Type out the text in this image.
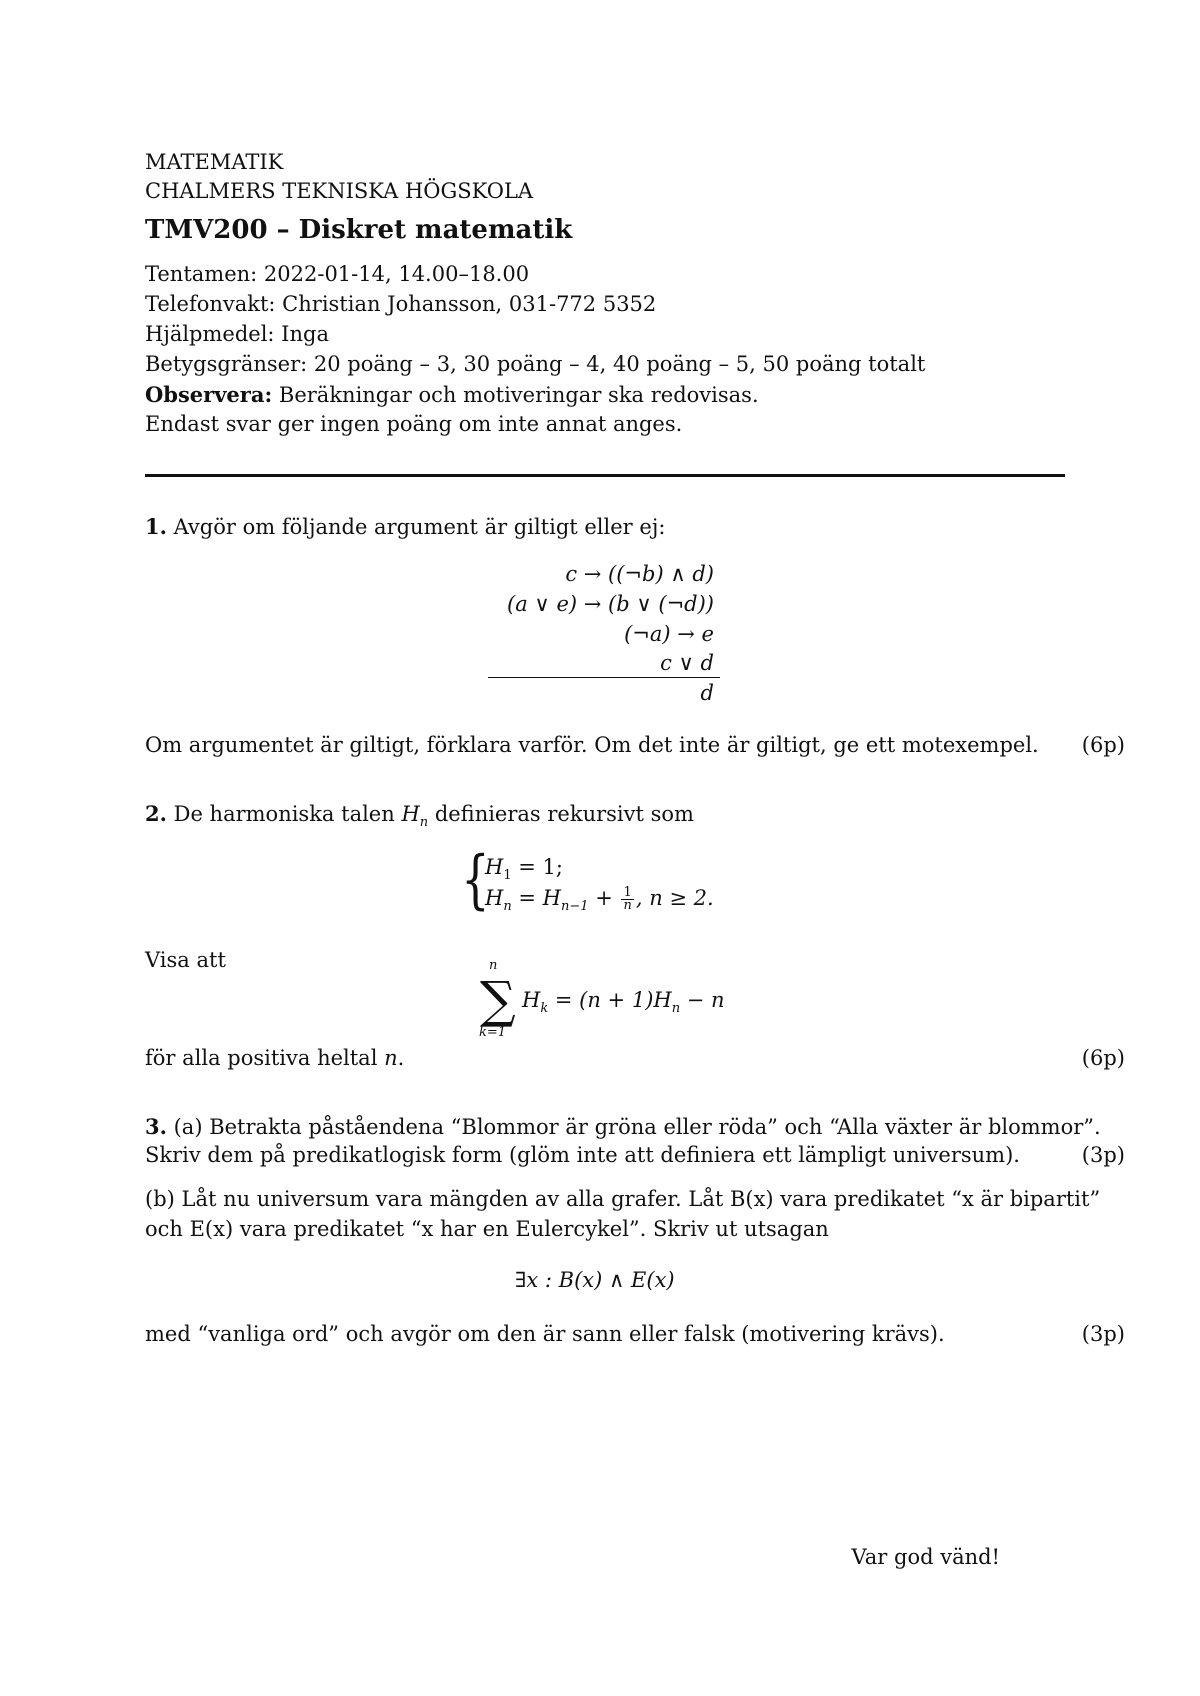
MATEMATIK
CHALMERS TEKNISKA HÖGSKOLA
TMV200 – Diskret matematik
Tentamen: 2022-01-14, 14.00–18.00
Telefonvakt: Christian Johansson, 031-772 5352
Hjälpmedel: Inga
Betygsgränser: 20 poäng – 3, 30 poäng – 4, 40 poäng – 5, 50 poäng totalt
Observera: Beräkningar och motiveringar ska redovisas.
Endast svar ger ingen poäng om inte annat anges.
1. Avgör om följande argument är giltigt eller ej:
c → ((¬b) ∧ d)
(a ∨ e) → (b ∨ (¬d))
(¬a) → e
c ∨ d
d
Om argumentet är giltigt, förklara varför. Om det inte är giltigt, ge ett motexempel. (6p)
2. De harmoniska talen $H_n$ definieras rekursivt som
{
$H_1 = 1$;
$H_n = H_{n-1} + \frac{1}{n}$ , n ≥ 2.
Visa att	n
∑
k=1
$H_k = (n + 1)H_n - n$
för alla positiva heltal n.	(6p)
3. (a) Betrakta påståendena “Blommor är gröna eller röda” och “Alla växter är blommor”.
Skriv dem på predikatlogisk form (glöm inte att definiera ett lämpligt universum).	(3p)
(b) Låt nu universum vara mängden av alla grafer. Låt B(x) vara predikatet “x är bipartit”
och E(x) vara predikatet “x har en Eulercykel”. Skriv ut utsagan
∃x : B(x) ∧ E(x)
med “vanliga ord” och avgör om den är sann eller falsk (motivering krävs).	(3p)
Var god vänd!
